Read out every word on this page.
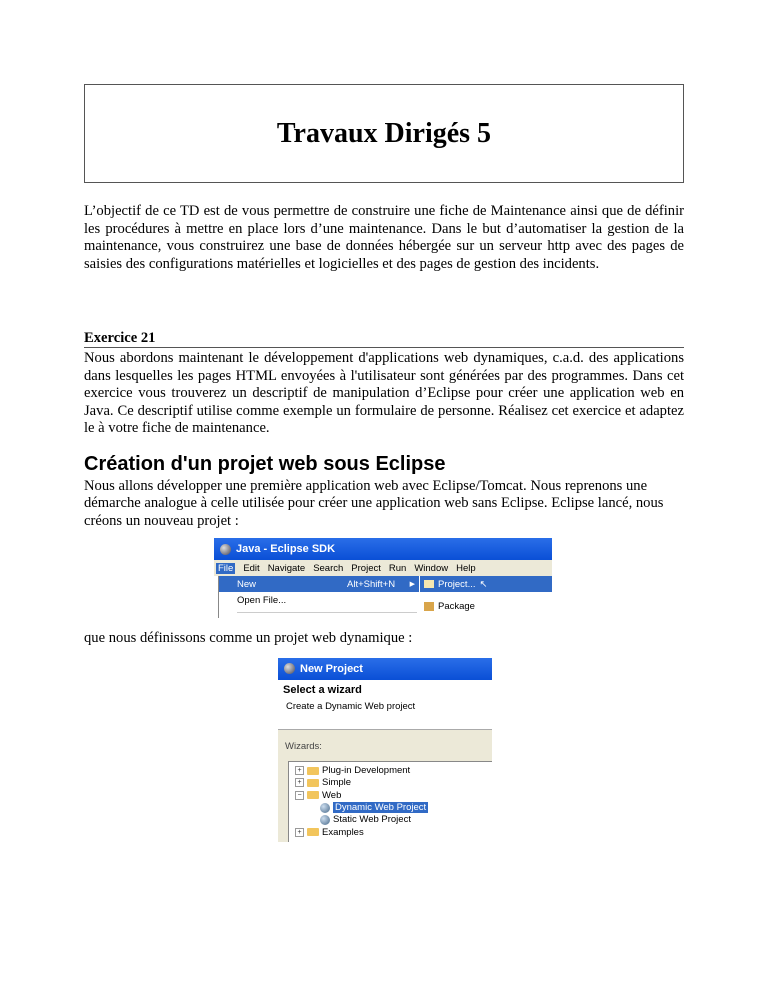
Travaux Dirigés 5

L’objectif de ce TD est de vous permettre de construire une fiche de Maintenance ainsi que de définir les procédures à mettre en place lors d’une maintenance. Dans le but d’automatiser la gestion de la maintenance, vous construirez une base de données hébergée sur un serveur http avec des pages de saisies des configurations matérielles et logicielles et des pages de gestion des incidents.

Exercice 21

Nous abordons maintenant le développement d'applications web dynamiques, c.a.d. des applications dans lesquelles les pages HTML envoyées à l'utilisateur sont générées par des programmes. Dans cet exercice vous trouverez un descriptif de manipulation d’Eclipse pour créer une application web en Java. Ce descriptif utilise comme exemple un formulaire de personne. Réalisez cet exercice et adaptez le à votre fiche de maintenance.

Création d'un projet web sous Eclipse

Nous allons développer une première application web avec Eclipse/Tomcat. Nous reprenons une démarche analogue à celle utilisée pour créer une application web sans Eclipse. Eclipse lancé, nous créons un nouveau projet :

Java - Eclipse SDK
File Edit Navigate Search Project Run Window Help
New	Alt+Shift+N ▶
Open File...
Project... ↖
Package

que nous définissons comme un projet web dynamique :

New Project
Select a wizard
Create a Dynamic Web project
Wizards:
+ Plug-in Development
+ Simple
− Web
Dynamic Web Project
Static Web Project
+ Examples
